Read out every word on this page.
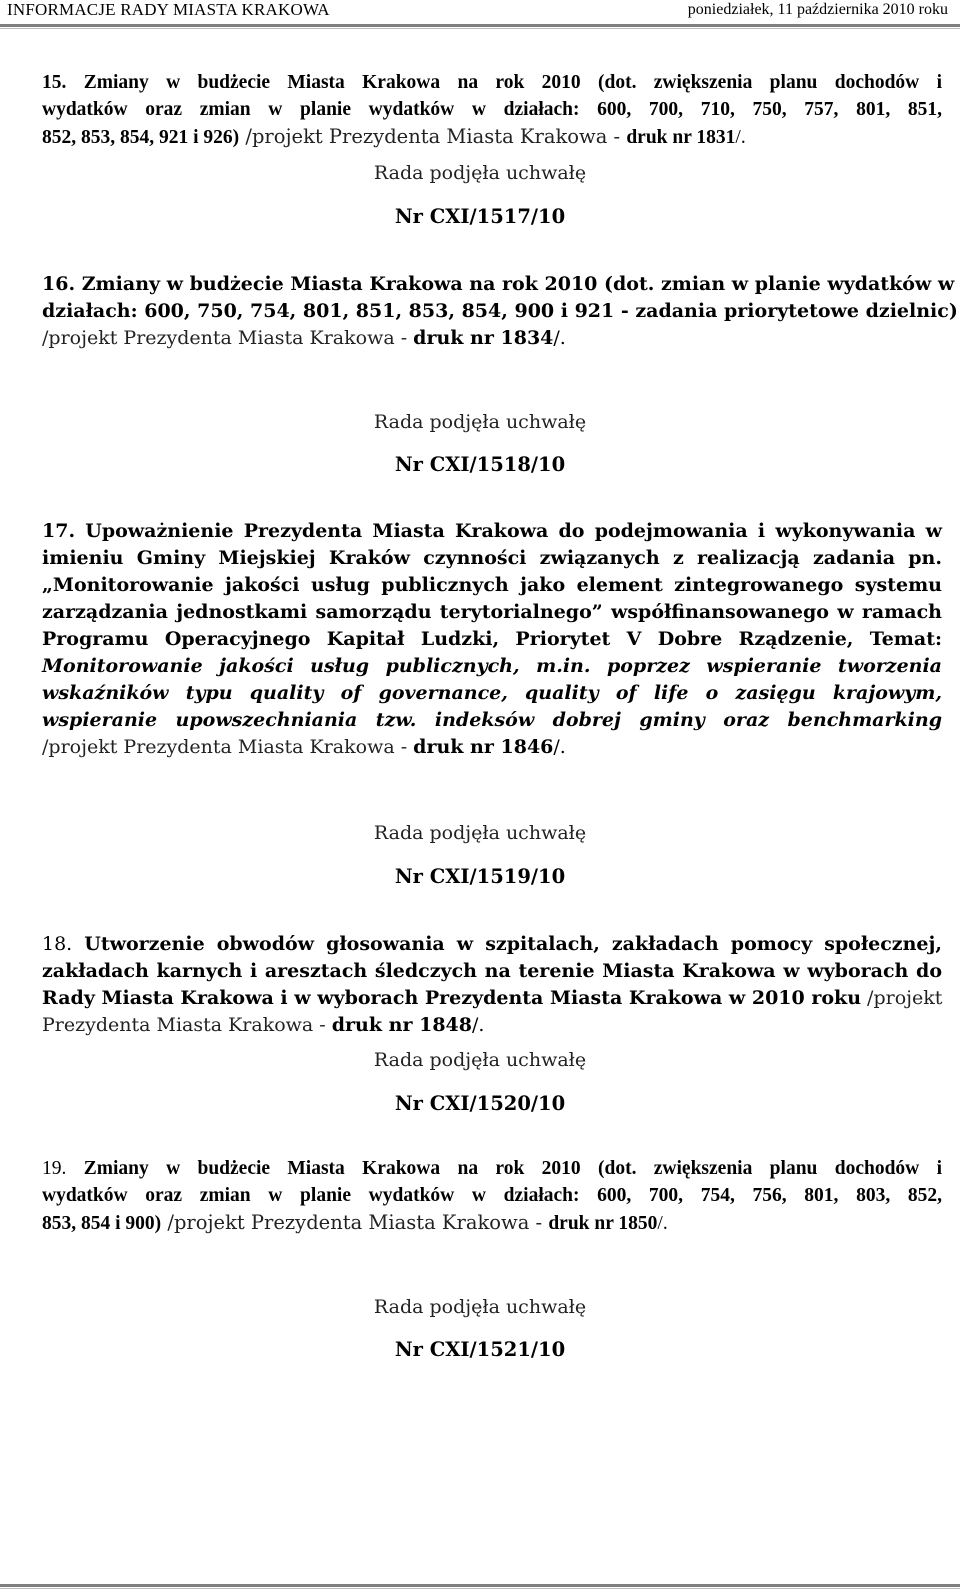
INFORMACJE RADY MIASTA KRAKOWA	poniedziałek, 11 października 2010 roku
15. Zmiany w budżecie Miasta Krakowa na rok 2010 (dot. zwiększenia planu dochodów i
wydatków oraz zmian w planie wydatków w działach: 600, 700, 710, 750, 757, 801, 851,
852, 853, 854, 921 i 926) /projekt Prezydenta Miasta Krakowa - druk nr 1831/.
Rada podjęła uchwałę
Nr CXI/1517/10
16. Zmiany w budżecie Miasta Krakowa na rok 2010 (dot. zmian w planie wydatków w
działach: 600, 750, 754, 801, 851, 853, 854, 900 i 921 - zadania priorytetowe dzielnic)
/projekt Prezydenta Miasta Krakowa - druk nr 1834/.
Rada podjęła uchwałę
Nr CXI/1518/10
17. Upoważnienie Prezydenta Miasta Krakowa do podejmowania i wykonywania w
imieniu Gminy Miejskiej Kraków czynności związanych z realizacją zadania pn.
„Monitorowanie jakości usług publicznych jako element zintegrowanego systemu
zarządzania jednostkami samorządu terytorialnego” współfinansowanego w ramach
Programu Operacyjnego Kapitał Ludzki, Priorytet V Dobre Rządzenie, Temat:
Monitorowanie jakości usług publicznych, m.in. poprzez wspieranie tworzenia
wskaźników typu quality of governance, quality of life o zasięgu krajowym,
wspieranie upowszechniania tzw. indeksów dobrej gminy oraz benchmarking
/projekt Prezydenta Miasta Krakowa - druk nr 1846/.
Rada podjęła uchwałę
Nr CXI/1519/10
18. Utworzenie obwodów głosowania w szpitalach, zakładach pomocy społecznej,
zakładach karnych i aresztach śledczych na terenie Miasta Krakowa w wyborach do
Rady Miasta Krakowa i w wyborach Prezydenta Miasta Krakowa w 2010 roku /projekt
Prezydenta Miasta Krakowa - druk nr 1848/.
Rada podjęła uchwałę
Nr CXI/1520/10
19. Zmiany w budżecie Miasta Krakowa na rok 2010 (dot. zwiększenia planu dochodów i
wydatków oraz zmian w planie wydatków w działach: 600, 700, 754, 756, 801, 803, 852,
853, 854 i 900) /projekt Prezydenta Miasta Krakowa - druk nr 1850/.
Rada podjęła uchwałę
Nr CXI/1521/10
